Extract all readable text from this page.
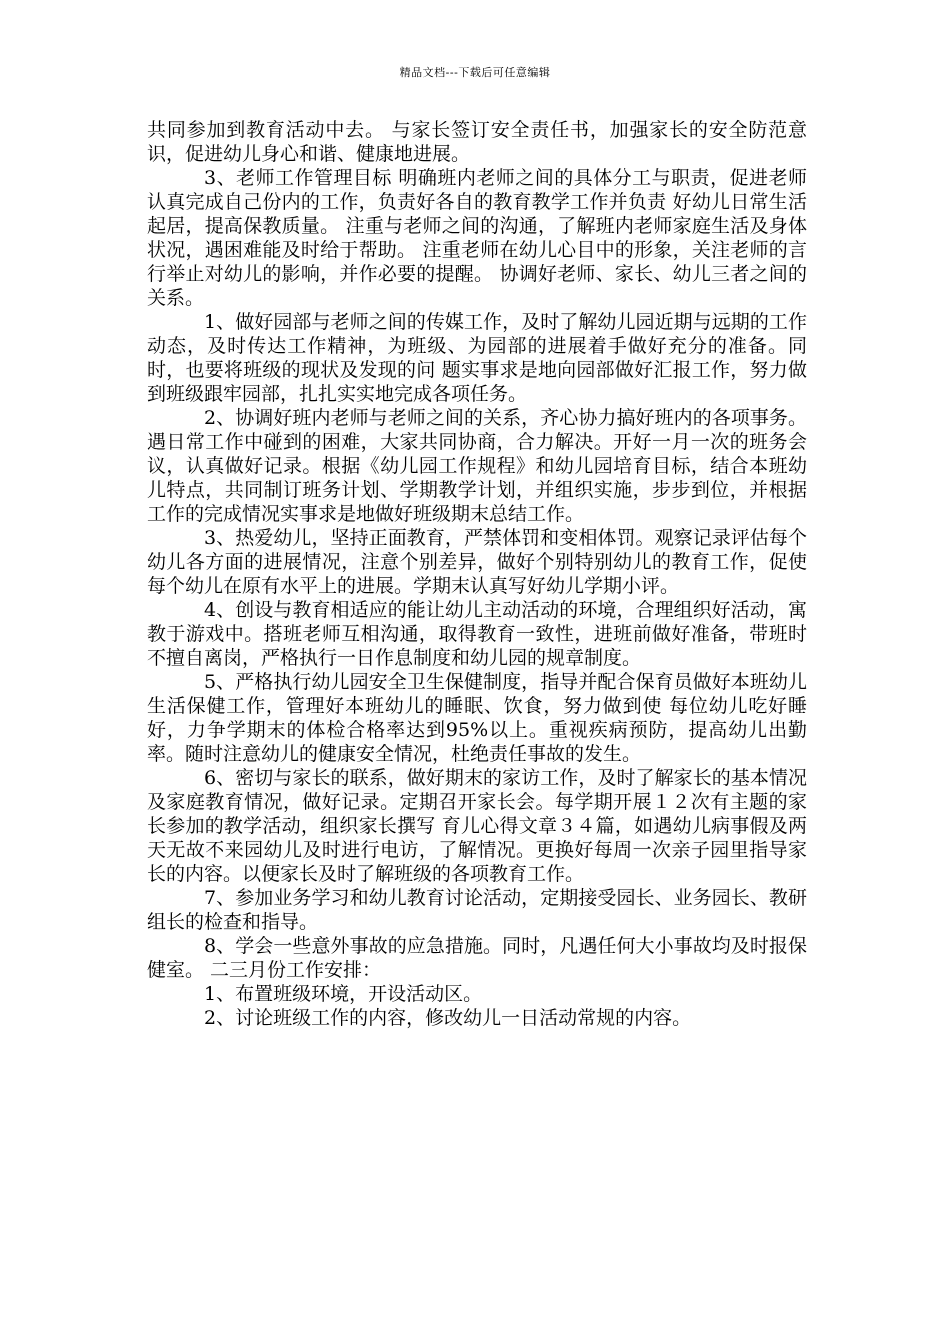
精品文档---下载后可任意编辑

共同参加到教育活动中去。 与家长签订安全责任书，加强家长的安全防范意识，促进幼儿身心和谐、健康地进展。

3、老师工作管理目标 明确班内老师之间的具体分工与职责，促进老师认真完成自己份内的工作，负责好各自的教育教学工作并负责 好幼儿日常生活起居，提高保教质量。 注重与老师之间的沟通，了解班内老师家庭生活及身体状况，遇困难能及时给于帮助。 注重老师在幼儿心目中的形象，关注老师的言行举止对幼儿的影响，并作必要的提醒。 协调好老师、家长、幼儿三者之间的关系。

1、做好园部与老师之间的传媒工作，及时了解幼儿园近期与远期的工作动态，及时传达工作精神，为班级、为园部的进展着手做好充分的准备。同时，也要将班级的现状及发现的问 题实事求是地向园部做好汇报工作，努力做到班级跟牢园部，扎扎实实地完成各项任务。

2、协调好班内老师与老师之间的关系，齐心协力搞好班内的各项事务。遇日常工作中碰到的困难，大家共同协商，合力解决。开好一月一次的班务会议，认真做好记录。根据《幼儿园工作规程》和幼儿园培育目标，结合本班幼儿特点，共同制订班务计划、学期教学计划，并组织实施，步步到位，并根据工作的完成情况实事求是地做好班级期末总结工作。

3、热爱幼儿，坚持正面教育，严禁体罚和变相体罚。观察记录评估每个幼儿各方面的进展情况，注意个别差异，做好个别特别幼儿的教育工作，促使每个幼儿在原有水平上的进展。学期末认真写好幼儿学期小评。

4、创设与教育相适应的能让幼儿主动活动的环境，合理组织好活动，寓教于游戏中。搭班老师互相沟通，取得教育一致性，进班前做好准备，带班时不擅自离岗，严格执行一日作息制度和幼儿园的规章制度。

5、严格执行幼儿园安全卫生保健制度，指导并配合保育员做好本班幼儿生活保健工作，管理好本班幼儿的睡眠、饮食，努力做到使 每位幼儿吃好睡好，力争学期末的体检合格率达到95%以上。重视疾病预防，提高幼儿出勤率。随时注意幼儿的健康安全情况，杜绝责任事故的发生。

6、密切与家长的联系，做好期末的家访工作，及时了解家长的基本情况及家庭教育情况，做好记录。定期召开家长会。每学期开展１２次有主题的家长参加的教学活动，组织家长撰写 育儿心得文章３４篇，如遇幼儿病事假及两天无故不来园幼儿及时进行电访，了解情况。更换好每周一次亲子园里指导家长的内容。以便家长及时了解班级的各项教育工作。

7、参加业务学习和幼儿教育讨论活动，定期接受园长、业务园长、教研组长的检查和指导。

8、学会一些意外事故的应急措施。同时，凡遇任何大小事故均及时报保健室。 二三月份工作安排：

1、布置班级环境，开设活动区。

2、讨论班级工作的内容，修改幼儿一日活动常规的内容。
